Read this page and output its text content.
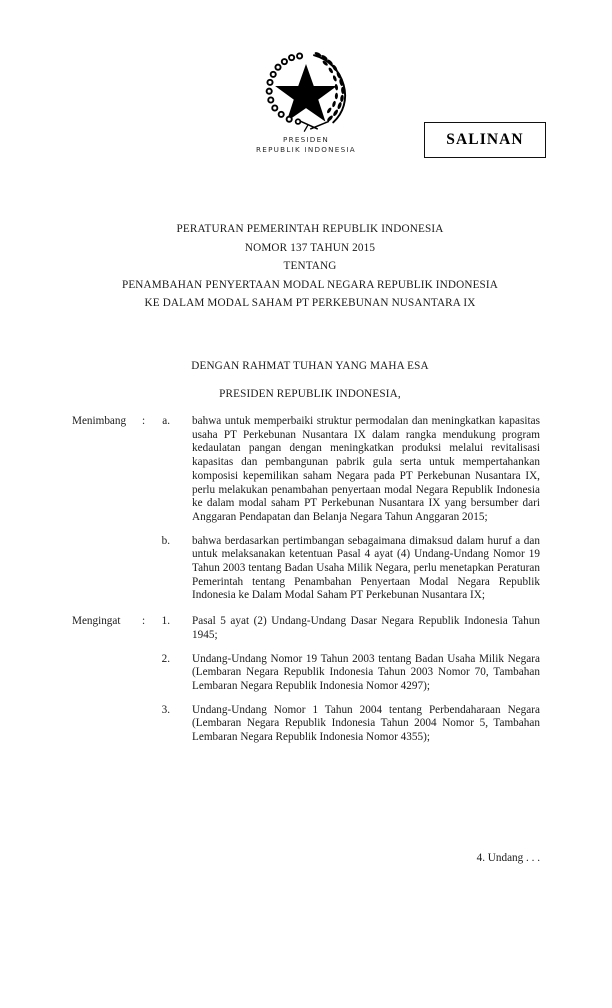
PRESIDEN
REPUBLIK INDONESIA
SALINAN
PERATURAN PEMERINTAH REPUBLIK INDONESIA
NOMOR 137 TAHUN 2015
TENTANG
PENAMBAHAN PENYERTAAN MODAL NEGARA REPUBLIK INDONESIA
KE DALAM MODAL SAHAM PT PERKEBUNAN NUSANTARA IX
DENGAN RAHMAT TUHAN YANG MAHA ESA
PRESIDEN REPUBLIK INDONESIA,
Menimbang	:	a. bahwa untuk memperbaiki struktur permodalan dan meningkatkan kapasitas usaha PT Perkebunan Nusantara IX dalam rangka mendukung program kedaulatan pangan dengan meningkatkan produksi melalui revitalisasi kapasitas dan pembangunan pabrik gula serta untuk mempertahankan komposisi kepemilikan saham Negara pada PT Perkebunan Nusantara IX, perlu melakukan penambahan penyertaan modal Negara Republik Indonesia ke dalam modal saham PT Perkebunan Nusantara IX yang bersumber dari Anggaran Pendapatan dan Belanja Negara Tahun Anggaran 2015;
b. bahwa berdasarkan pertimbangan sebagaimana dimaksud dalam huruf a dan untuk melaksanakan ketentuan Pasal 4 ayat (4) Undang-Undang Nomor 19 Tahun 2003 tentang Badan Usaha Milik Negara, perlu menetapkan Peraturan Pemerintah tentang Penambahan Penyertaan Modal Negara Republik Indonesia ke Dalam Modal Saham PT Perkebunan Nusantara IX;
Mengingat	:	1. Pasal 5 ayat (2) Undang-Undang Dasar Negara Republik Indonesia Tahun 1945;
2. Undang-Undang Nomor 19 Tahun 2003 tentang Badan Usaha Milik Negara (Lembaran Negara Republik Indonesia Tahun 2003 Nomor 70, Tambahan Lembaran Negara Republik Indonesia Nomor 4297);
3. Undang-Undang Nomor 1 Tahun 2004 tentang Perbendaharaan Negara (Lembaran Negara Republik Indonesia Tahun 2004 Nomor 5, Tambahan Lembaran Negara Republik Indonesia Nomor 4355);
4. Undang . . .
